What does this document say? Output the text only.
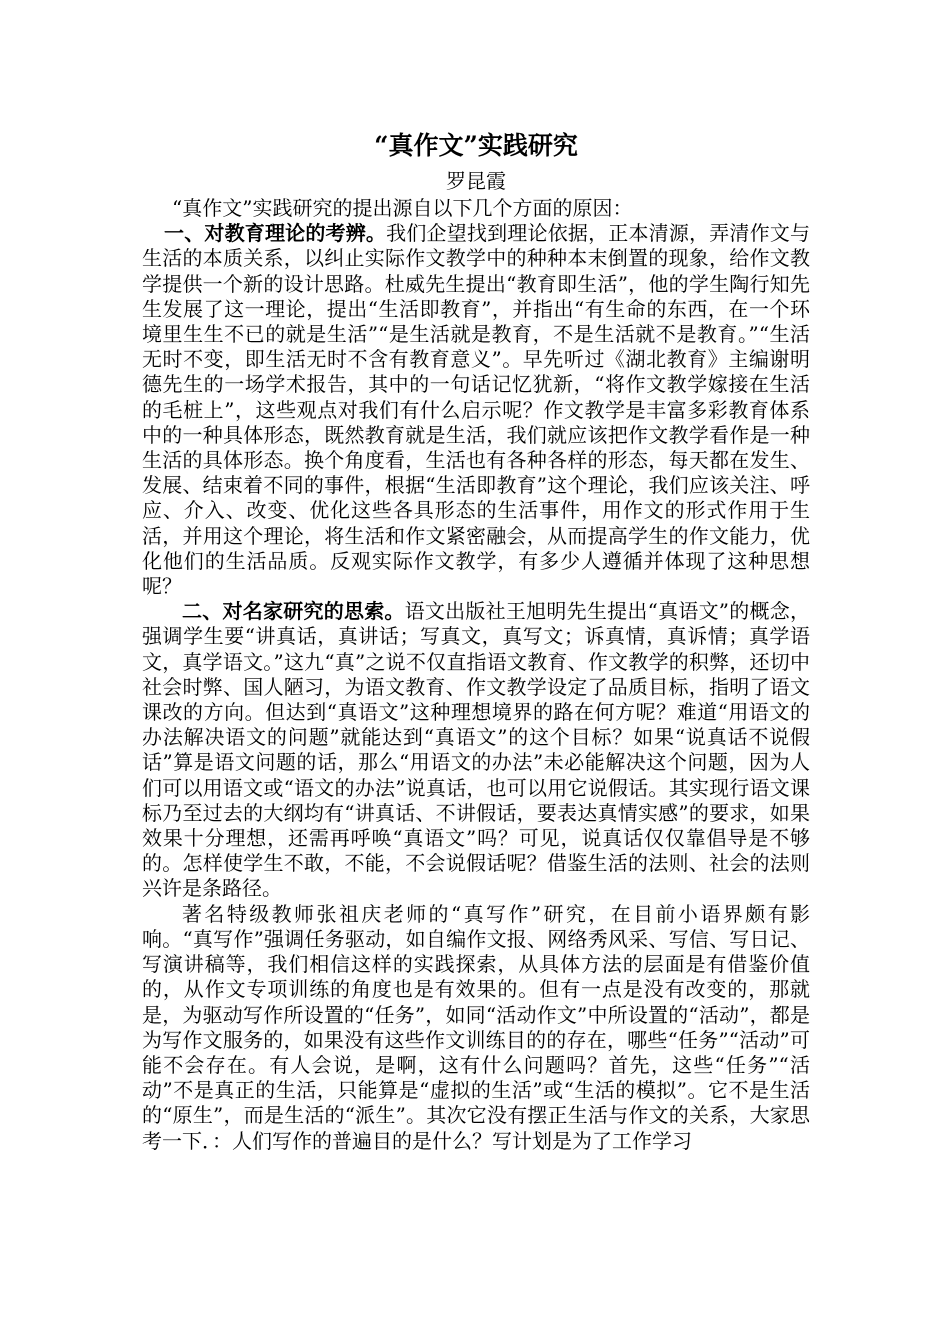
“真作文”实践研究
罗昆霞

“真作文”实践研究的提出源自以下几个方面的原因：

一、对教育理论的考辨。我们企望找到理论依据，正本清源，弄清作文与生活的本质关系，以纠止实际作文教学中的种种本末倒置的现象，给作文教学提供一个新的设计思路。杜威先生提出“教育即生活”，他的学生陶行知先生发展了这一理论，提出“生活即教育”，并指出“有生命的东西，在一个环境里生生不已的就是生活”“是生活就是教育，不是生活就不是教育。”“生活无时不变，即生活无时不含有教育意义”。早先听过《湖北教育》主编谢明德先生的一场学术报告，其中的一句话记忆犹新，“将作文教学嫁接在生活的毛桩上”，这些观点对我们有什么启示呢？作文教学是丰富多彩教育体系中的一种具体形态，既然教育就是生活，我们就应该把作文教学看作是一种生活的具体形态。换个角度看，生活也有各种各样的形态，每天都在发生、发展、结束着不同的事件，根据“生活即教育”这个理论，我们应该关注、呼应、介入、改变、优化这些各具形态的生活事件，用作文的形式作用于生活，并用这个理论，将生活和作文紧密融会，从而提高学生的作文能力，优化他们的生活品质。反观实际作文教学，有多少人遵循并体现了这种思想呢？

二、对名家研究的思索。语文出版社王旭明先生提出“真语文”的概念，强调学生要“讲真话，真讲话；写真文，真写文；诉真情，真诉情；真学语文，真学语文。”这九“真”之说不仅直指语文教育、作文教学的积弊，还切中社会时弊、国人陋习，为语文教育、作文教学设定了品质目标，指明了语文课改的方向。但达到“真语文”这种理想境界的路在何方呢？难道“用语文的办法解决语文的问题”就能达到“真语文”的这个目标？如果“说真话不说假话”算是语文问题的话，那么“用语文的办法”未必能解决这个问题，因为人们可以用语文或“语文的办法”说真话，也可以用它说假话。其实现行语文课标乃至过去的大纲均有“讲真话、不讲假话，要表达真情实感”的要求，如果效果十分理想，还需再呼唤“真语文”吗？可见，说真话仅仅靠倡导是不够的。怎样使学生不敢，不能，不会说假话呢？借鉴生活的法则、社会的法则兴许是条路径。

著名特级教师张祖庆老师的“真写作”研究，在目前小语界颇有影响。“真写作”强调任务驱动，如自编作文报、网络秀风采、写信、写日记、写演讲稿等，我们相信这样的实践探索，从具体方法的层面是有借鉴价值的，从作文专项训练的角度也是有效果的。但有一点是没有改变的，那就是，为驱动写作所设置的“任务”，如同“活动作文”中所设置的“活动”，都是为写作文服务的，如果没有这些作文训练目的的存在，哪些“任务”“活动”可能不会存在。有人会说，是啊，这有什么问题吗？首先，这些“任务”“活动”不是真正的生活，只能算是“虚拟的生活”或“生活的模拟”。它不是生活的“原生”，而是生活的“派生”。其次它没有摆正生活与作文的关系，大家思考一下．：人们写作的普遍目的是什么？写计划是为了工作学习
